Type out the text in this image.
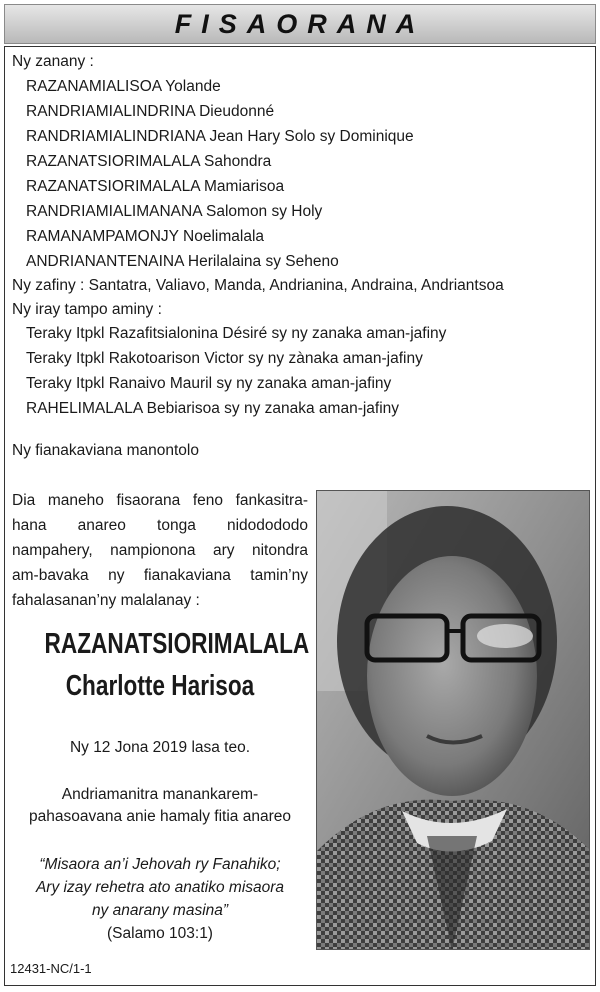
FISAORANA
Ny zanany :
RAZANAMIALISOA Yolande
RANDRIAMIALINDRINA Dieudonné
RANDRIAMIALINDRIANA Jean Hary Solo sy Dominique
RAZANATSIORIMALALA Sahondra
RAZANATSIORIMALALA Mamiarisoa
RANDRIAMIALIMANANA Salomon sy Holy
RAMANAMPAMONJY Noelimalala
ANDRIANANTENAINA Herilalaina sy Seheno
Ny zafiny : Santatra, Valiavo, Manda, Andrianina, Andraina, Andriantsoa
Ny iray tampo aminy :
Teraky Itpkl Razafitsialonina Désiré sy ny zanaka aman-jafiny
Teraky Itpkl Rakotoarison Victor sy ny zànaka aman-jafiny
Teraky Itpkl Ranaivo Mauril sy ny zanaka aman-jafiny
RAHELIMALALA Bebiarisoa sy ny zanaka aman-jafiny
Ny fianakaviana manontolo
Dia maneho fisaorana feno fankasitra-
hana anareo tonga nidodododo
nampahery, nampionona ary nitondra
am-bavaka ny fianakaviana tamin’ny
fahalasanan’ny malalanay :
RAZANATSIORIMALALA
Charlotte Harisoa
Ny 12 Jona 2019 lasa teo.
Andriamanitra manankarem-
pahasoavana anie hamaly fitia anareo
“Misaora an’i Jehovah ry Fanahiko;
Ary izay rehetra ato anatiko misaora
ny anarany masina”
(Salamo 103:1)
12431-NC/1-1
